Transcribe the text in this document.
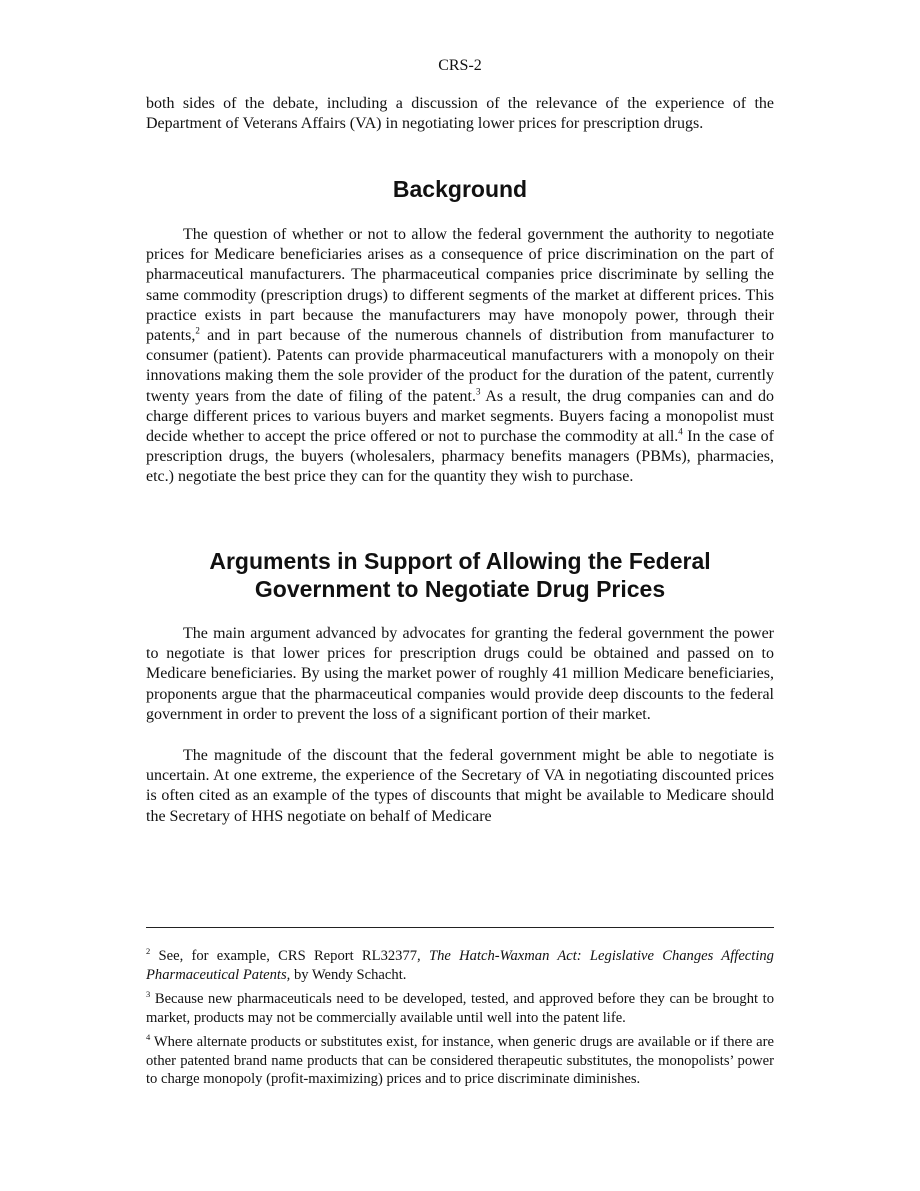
CRS-2

both sides of the debate, including a discussion of the relevance of the experience of the Department of Veterans Affairs (VA) in negotiating lower prices for prescription drugs.

Background

The question of whether or not to allow the federal government the authority to negotiate prices for Medicare beneficiaries arises as a consequence of price discrimination on the part of pharmaceutical manufacturers. The pharmaceutical companies price discriminate by selling the same commodity (prescription drugs) to different segments of the market at different prices. This practice exists in part because the manufacturers may have monopoly power, through their patents,$^2$ and in part because of the numerous channels of distribution from manufacturer to consumer (patient). Patents can provide pharmaceutical manufacturers with a monopoly on their innovations making them the sole provider of the product for the duration of the patent, currently twenty years from the date of filing of the patent.$^3$ As a result, the drug companies can and do charge different prices to various buyers and market segments. Buyers facing a monopolist must decide whether to accept the price offered or not to purchase the commodity at all.$^4$ In the case of prescription drugs, the buyers (wholesalers, pharmacy benefits managers (PBMs), pharmacies, etc.) negotiate the best price they can for the quantity they wish to purchase.

Arguments in Support of Allowing the Federal
Government to Negotiate Drug Prices

The main argument advanced by advocates for granting the federal government the power to negotiate is that lower prices for prescription drugs could be obtained and passed on to Medicare beneficiaries. By using the market power of roughly 41 million Medicare beneficiaries, proponents argue that the pharmaceutical companies would provide deep discounts to the federal government in order to prevent the loss of a significant portion of their market.

The magnitude of the discount that the federal government might be able to negotiate is uncertain. At one extreme, the experience of the Secretary of VA in negotiating discounted prices is often cited as an example of the types of discounts that might be available to Medicare should the Secretary of HHS negotiate on behalf of Medicare

$^2$ See, for example, CRS Report RL32377, The Hatch-Waxman Act: Legislative Changes Affecting Pharmaceutical Patents, by Wendy Schacht.

$^3$ Because new pharmaceuticals need to be developed, tested, and approved before they can be brought to market, products may not be commercially available until well into the patent life.

$^4$ Where alternate products or substitutes exist, for instance, when generic drugs are available or if there are other patented brand name products that can be considered therapeutic substitutes, the monopolists’ power to charge monopoly (profit-maximizing) prices and to price discriminate diminishes.
